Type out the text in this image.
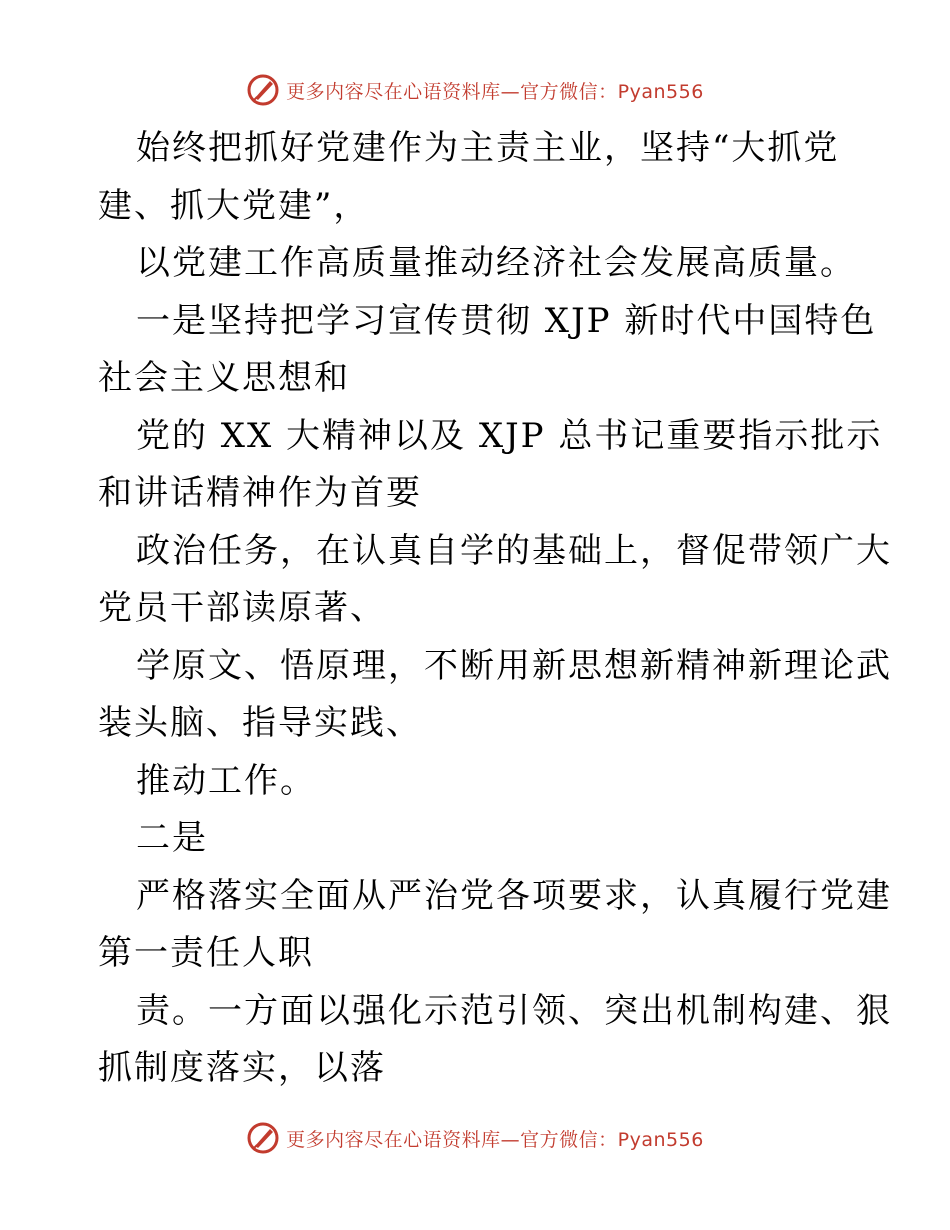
更多内容尽在心语资料库—官方微信：Pyan556
始终把抓好党建作为主责主业，坚持“大抓党
建、抓大党建”，
以党建工作高质量推动经济社会发展高质量。
一是坚持把学习宣传贯彻 XJP 新时代中国特色
社会主义思想和
党的 XX 大精神以及 XJP 总书记重要指示批示
和讲话精神作为首要
政治任务，在认真自学的基础上，督促带领广大
党员干部读原著、
学原文、悟原理，不断用新思想新精神新理论武
装头脑、指导实践、
推动工作。
二是
严格落实全面从严治党各项要求，认真履行党建
第一责任人职
责。一方面以强化示范引领、突出机制构建、狠
抓制度落实，以落
更多内容尽在心语资料库—官方微信：Pyan556
